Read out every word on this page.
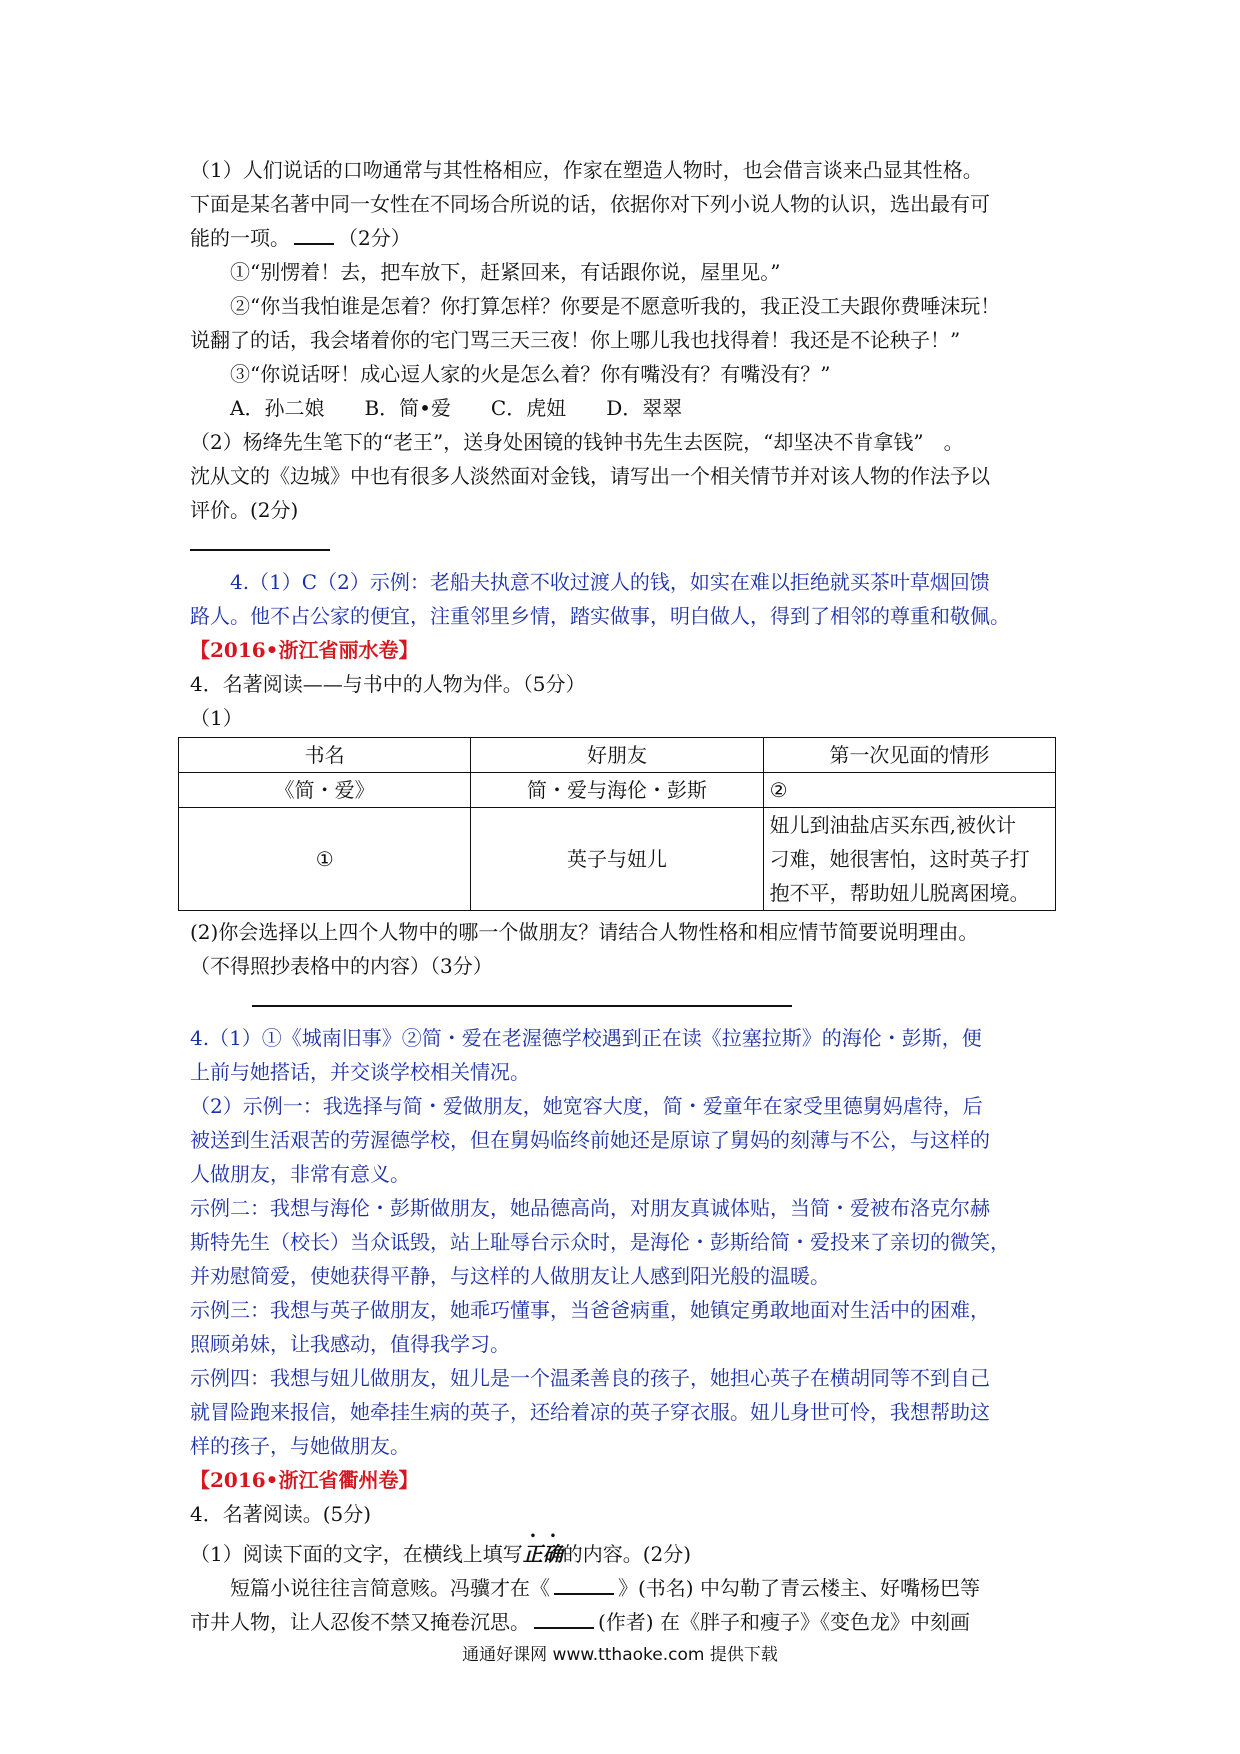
（1）人们说话的口吻通常与其性格相应，作家在塑造人物时，也会借言谈来凸显其性格。

下面是某名著中同一女性在不同场合所说的话，依据你对下列小说人物的认识，选出最有可

能的一项。 （2分）

①“别愣着！去，把车放下，赶紧回来，有话跟你说，屋里见。”

②“你当我怕谁是怎着？你打算怎样？你要是不愿意听我的，我正没工夫跟你费唾沫玩！

说翻了的话，我会堵着你的宅门骂三天三夜！你上哪儿我也找得着！我还是不论秧子！”

③“你说话呀！成心逗人家的火是怎么着？你有嘴没有？有嘴没有？”

A．孙二娘　　B．简•爱　　C．虎妞　　D．翠翠

（2）杨绛先生笔下的“老王”，送身处困镜的钱钟书先生去医院，“却坚决不肯拿钱”　。

沈从文的《边城》中也有很多人淡然面对金钱，请写出一个相关情节并对该人物的作法予以

评价。(2分)

4.（1）C（2）示例：老船夫执意不收过渡人的钱，如实在难以拒绝就买茶叶草烟回馈

路人。他不占公家的便宜，注重邻里乡情，踏实做事，明白做人，得到了相邻的尊重和敬佩。

【2016•浙江省丽水卷】

4．名著阅读——与书中的人物为伴。（5分）

（1）

书名	好朋友	第一次见面的情形
《简・爱》	简・爱与海伦・彭斯	②
①	英子与妞儿	妞儿到油盐店买东西,被伙计
刁难，她很害怕，这时英子打
抱不平，帮助妞儿脱离困境。

(2)你会选择以上四个人物中的哪一个做朋友？请结合人物性格和相应情节简要说明理由。

（不得照抄表格中的内容）（3分）

4.（1）①《城南旧事》②简・爱在老渥德学校遇到正在读《拉塞拉斯》的海伦・彭斯，便

上前与她搭话，并交谈学校相关情况。

（2）示例一：我选择与简・爱做朋友，她宽容大度，简・爱童年在家受里德舅妈虐待，后

被送到生活艰苦的劳渥德学校，但在舅妈临终前她还是原谅了舅妈的刻薄与不公，与这样的

人做朋友，非常有意义。

示例二：我想与海伦・彭斯做朋友，她品德高尚，对朋友真诚体贴，当简・爱被布洛克尔赫

斯特先生（校长）当众诋毁，站上耻辱台示众时，是海伦・彭斯给简・爱投来了亲切的微笑，

并劝慰简爱，使她获得平静，与这样的人做朋友让人感到阳光般的温暖。

示例三：我想与英子做朋友，她乖巧懂事，当爸爸病重，她镇定勇敢地面对生活中的困难，

照顾弟妹，让我感动，值得我学习。

示例四：我想与妞儿做朋友，妞儿是一个温柔善良的孩子，她担心英子在横胡同等不到自己

就冒险跑来报信，她牵挂生病的英子，还给着凉的英子穿衣服。妞儿身世可怜，我想帮助这

样的孩子，与她做朋友。

【2016•浙江省衢州卷】

4．名著阅读。(5分)

（1）阅读下面的文字，在横线上填写正确的内容。(2分)

短篇小说往往言简意赅。冯骥才在《	》(书名) 中勾勒了青云楼主、好嘴杨巴等

市井人物，让人忍俊不禁又掩卷沉思。	(作者) 在《胖子和瘦子》《变色龙》中刻画

通通好课网 www.tthaoke.com 提供下载
